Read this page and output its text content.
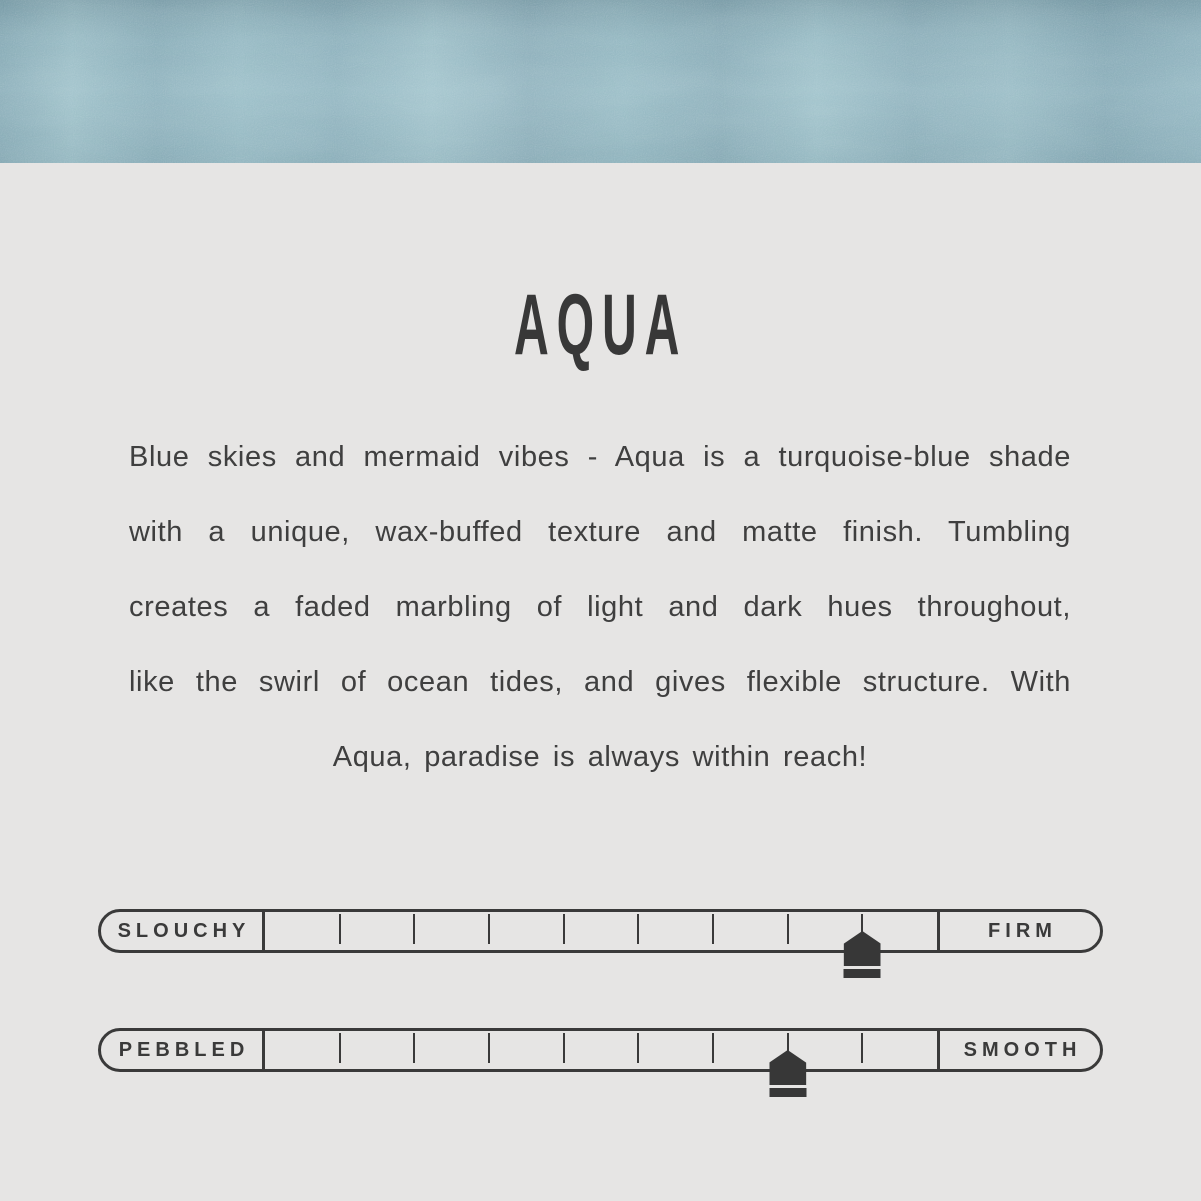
AQUA

Blue skies and mermaid vibes - Aqua is a turquoise-blue shade

with a unique, wax-buffed texture and matte finish. Tumbling

creates a faded marbling of light and dark hues throughout,

like the swirl of ocean tides, and gives flexible structure. With

Aqua, paradise is always within reach!

SLOUCHY	FIRM
PEBBLED	SMOOTH
